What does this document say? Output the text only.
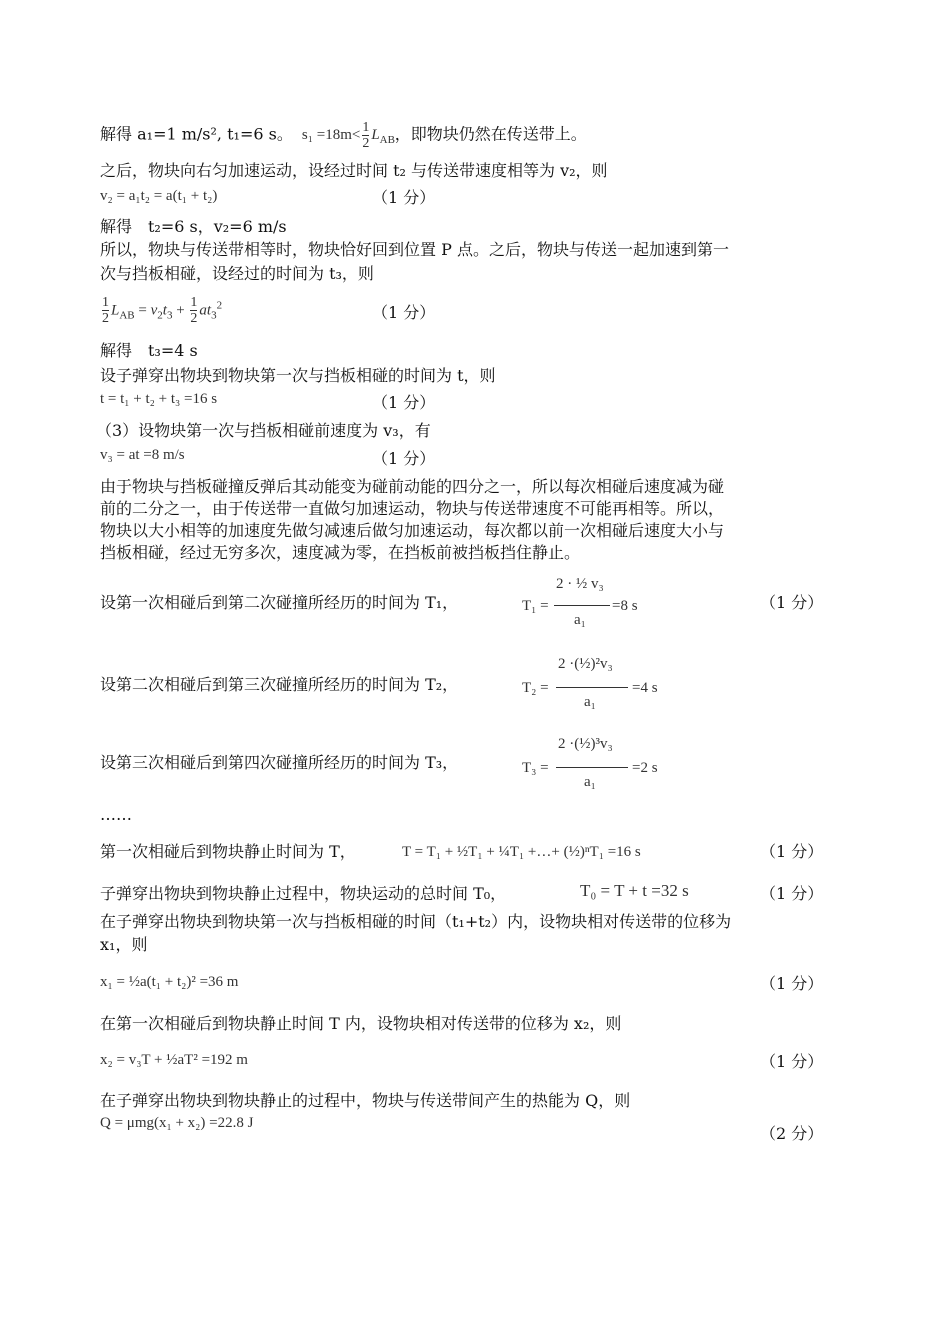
解得 a₁=1 m/s², t₁=6 s。 $s_1 =18m< \frac{1}{2} L_{AB}$ ，即物块仍然在传送带上。
之后，物块向右匀加速运动，设经过时间 t₂ 与传送带速度相等为 v₂，则
v₂ = a₁t₂ = a(t₁ + t₂)	（1 分）
解得　t₂=6 s，v₂=6 m/s
所以，物块与传送带相等时，物块恰好回到位置 P 点。之后，物块与传送一起加速到第一
次与挡板相碰，设经过的时间为 t₃，则
$\frac{1}{2} L_{AB} = v_2t_3 + \frac{1}{2} at_3^2$	（1 分）
解得　t₃=4 s
设子弹穿出物块到物块第一次与挡板相碰的时间为 t，则
t = t₁ + t₂ + t₃ =16 s	（1 分）
（3）设物块第一次与挡板相碰前速度为 v₃，有
v₃ = at =8 m/s	（1 分）
由于物块与挡板碰撞反弹后其动能变为碰前动能的四分之一，所以每次相碰后速度减为碰
前的二分之一，由于传送带一直做匀加速运动，物块与传送带速度不可能再相等。所以，
物块以大小相等的加速度先做匀减速后做匀加速运动，每次都以前一次相碰后速度大小与
挡板相碰，经过无穷多次，速度减为零，在挡板前被挡板挡住静止。
设第一次相碰后到第二次碰撞所经历的时间为 T₁，	T₁ =
2 · ½ v₃
a₁
=8 s	（1 分）
设第二次相碰后到第三次碰撞所经历的时间为 T₂，	T₂ =
2 ·(½)²v₃
a₁
=4 s
设第三次相碰后到第四次碰撞所经历的时间为 T₃，	T₃ =
2 ·(½)³v₃
a₁
=2 s
……
第一次相碰后到物块静止时间为 T，	T = T₁ + ½T₁ + ¼T₁ +…+ (½)ⁿT₁ =16 s	（1 分）
子弹穿出物块到物块静止过程中，物块运动的总时间 T₀，	T₀ = T + t =32 s	（1 分）
在子弹穿出物块到物块第一次与挡板相碰的时间（t₁+t₂）内，设物块相对传送带的位移为
x₁，则
x₁ = ½a(t₁ + t₂)² =36 m	（1 分）
在第一次相碰后到物块静止时间 T 内，设物块相对传送带的位移为 x₂，则
x₂ = v₃T + ½aT² =192 m	（1 分）
在子弹穿出物块到物块静止的过程中，物块与传送带间产生的热能为 Q，则
Q = μmg(x₁ + x₂) =22.8 J
（2 分）
